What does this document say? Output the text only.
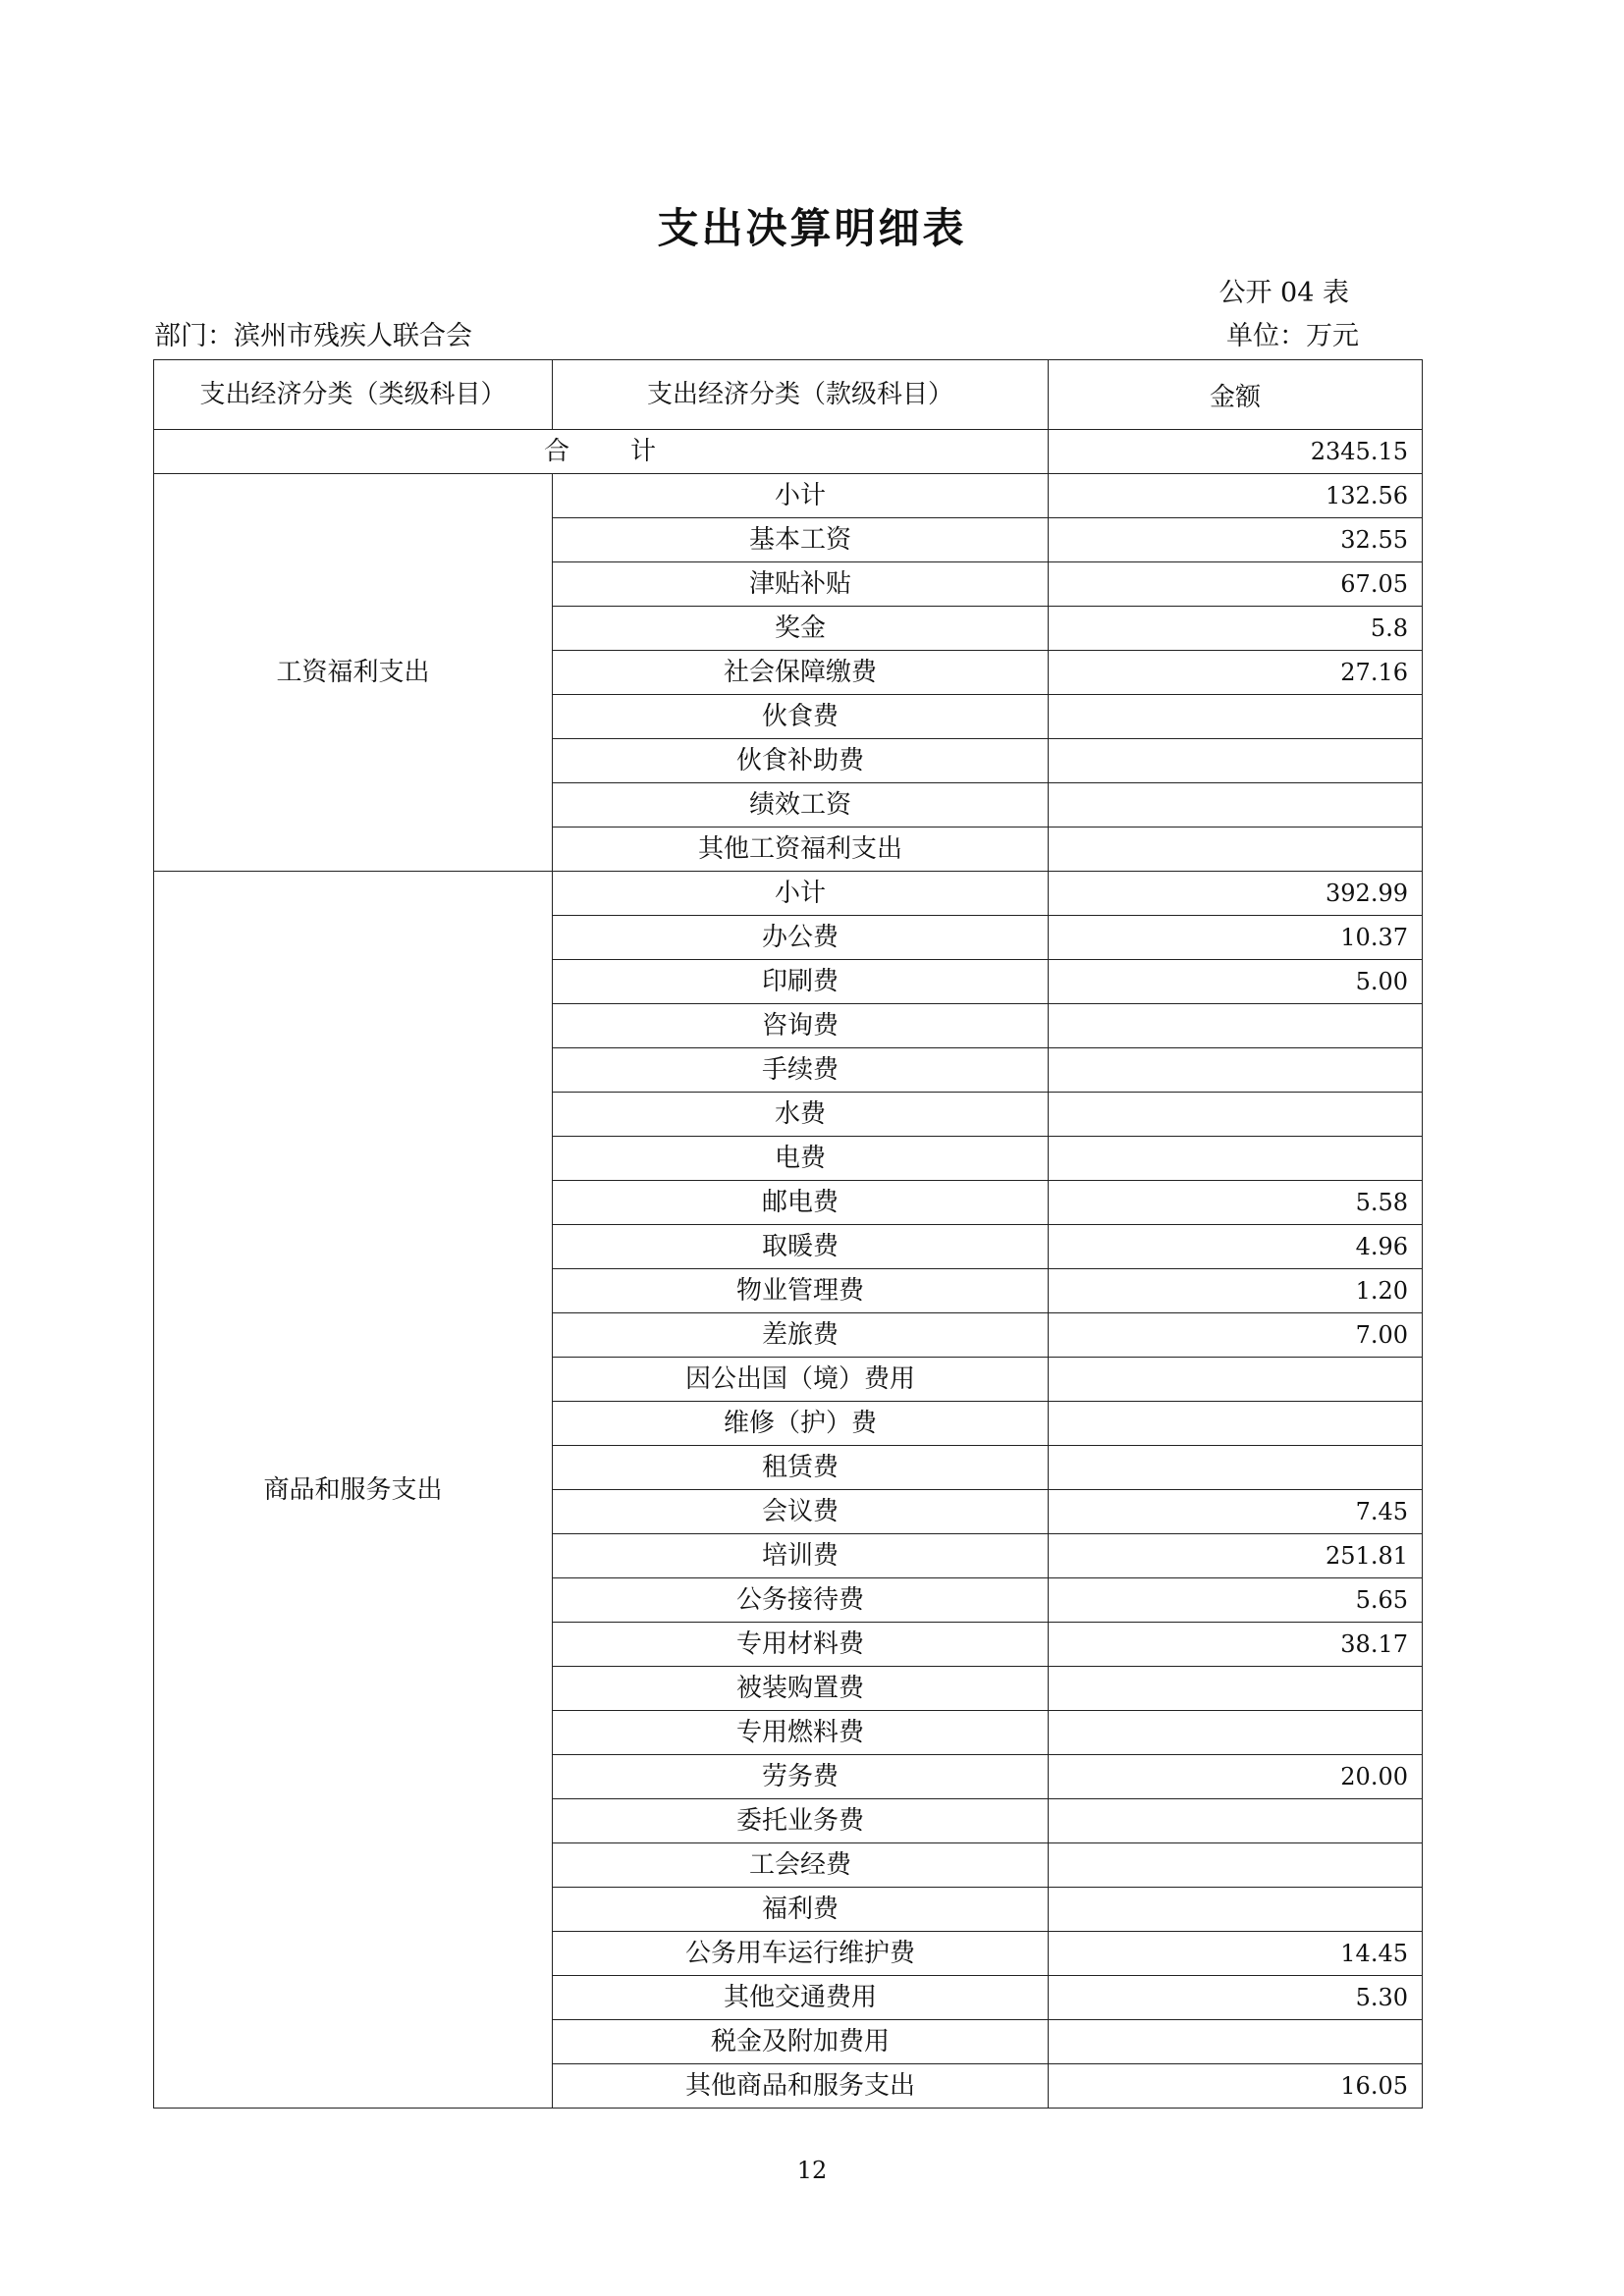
支出决算明细表
公开 04 表
部门：滨州市残疾人联合会	单位：万元
支出经济分类（类级科目）	支出经济分类（款级科目）	金额
合 计		2345.15
工资福利支出	小计	132.56
	基本工资	32.55
	津贴补贴	67.05
	奖金	5.8
	社会保障缴费	27.16
	伙食费	
	伙食补助费	
	绩效工资	
	其他工资福利支出	
商品和服务支出	小计	392.99
	办公费	10.37
	印刷费	5.00
	咨询费	
	手续费	
	水费	
	电费	
	邮电费	5.58
	取暖费	4.96
	物业管理费	1.20
	差旅费	7.00
	因公出国（境）费用	
	维修（护）费	
	租赁费	
	会议费	7.45
	培训费	251.81
	公务接待费	5.65
	专用材料费	38.17
	被装购置费	
	专用燃料费	
	劳务费	20.00
	委托业务费	
	工会经费	
	福利费	
	公务用车运行维护费	14.45
	其他交通费用	5.30
	税金及附加费用	
	其他商品和服务支出	16.05
12
